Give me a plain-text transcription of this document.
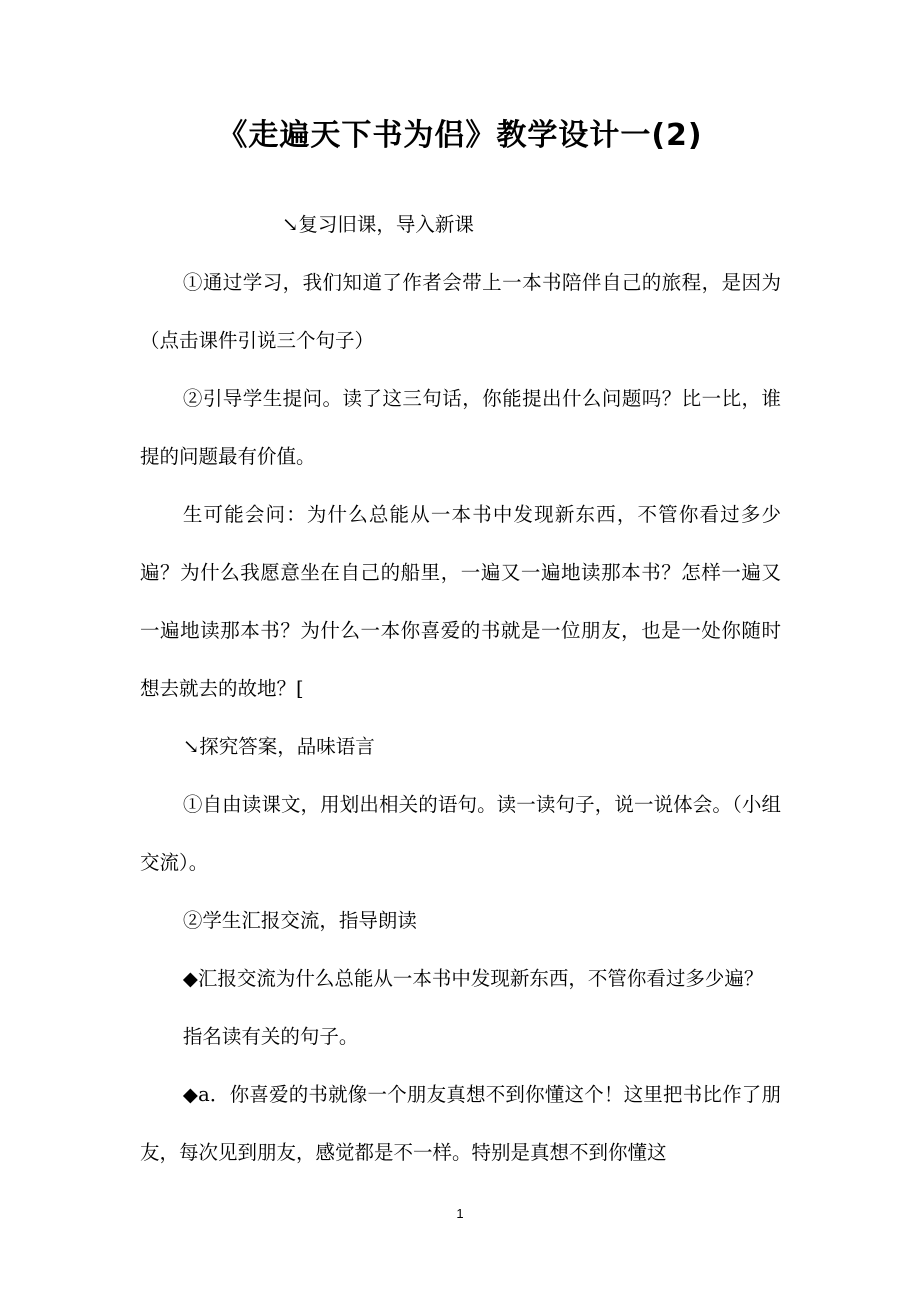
《走遍天下书为侣》教学设计一(2)

↘复习旧课，导入新课

①通过学习，我们知道了作者会带上一本书陪伴自己的旅程，是因为（点击课件引说三个句子）

②引导学生提问。读了这三句话，你能提出什么问题吗？比一比，谁提的问题最有价值。

生可能会问：为什么总能从一本书中发现新东西，不管你看过多少遍？为什么我愿意坐在自己的船里，一遍又一遍地读那本书？怎样一遍又一遍地读那本书？为什么一本你喜爱的书就是一位朋友，也是一处你随时想去就去的故地？[

↘探究答案，品味语言

①自由读课文，用划出相关的语句。读一读句子，说一说体会。（小组交流）。

②学生汇报交流，指导朗读

◆汇报交流为什么总能从一本书中发现新东西，不管你看过多少遍？

指名读有关的句子。

◆a．你喜爱的书就像一个朋友真想不到你懂这个！这里把书比作了朋友，每次见到朋友，感觉都是不一样。特别是真想不到你懂这

1
